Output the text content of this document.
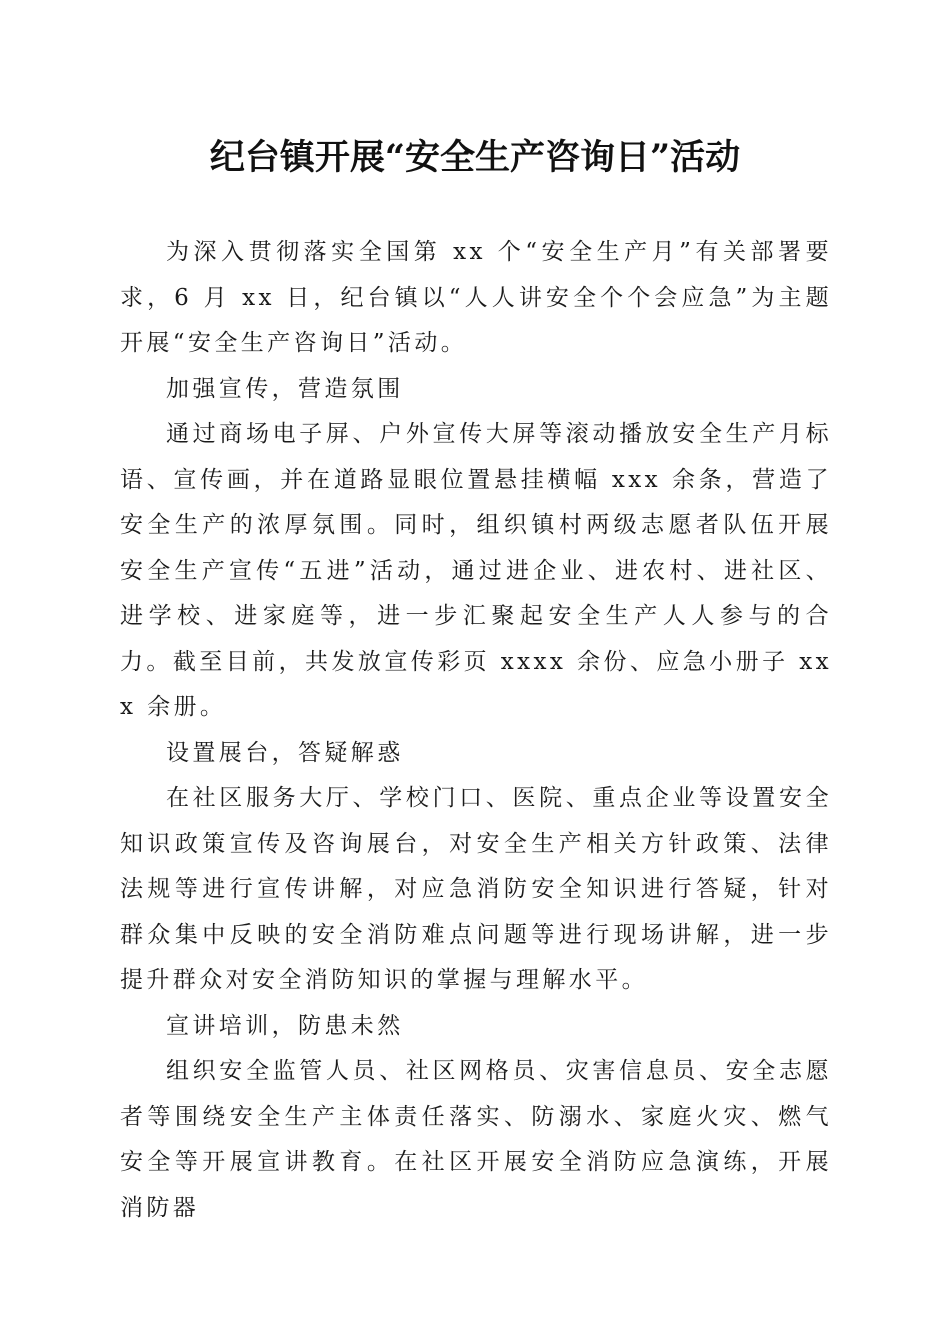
纪台镇开展“安全生产咨询日”活动

为深入贯彻落实全国第 xx 个“安全生产月”有关部署要求，6 月 xx 日，纪台镇以“人人讲安全个个会应急”为主题开展“安全生产咨询日”活动。

加强宣传，营造氛围

通过商场电子屏、户外宣传大屏等滚动播放安全生产月标语、宣传画，并在道路显眼位置悬挂横幅 xxx 余条，营造了安全生产的浓厚氛围。同时，组织镇村两级志愿者队伍开展安全生产宣传“五进”活动，通过进企业、进农村、进社区、进学校、进家庭等，进一步汇聚起安全生产人人参与的合力。截至目前，共发放宣传彩页 xxxx 余份、应急小册子 xxx 余册。

设置展台，答疑解惑

在社区服务大厅、学校门口、医院、重点企业等设置安全知识政策宣传及咨询展台，对安全生产相关方针政策、法律法规等进行宣传讲解，对应急消防安全知识进行答疑，针对群众集中反映的安全消防难点问题等进行现场讲解，进一步提升群众对安全消防知识的掌握与理解水平。

宣讲培训，防患未然

组织安全监管人员、社区网格员、灾害信息员、安全志愿者等围绕安全生产主体责任落实、防溺水、家庭火灾、燃气安全等开展宣讲教育。在社区开展安全消防应急演练，开展消防器
